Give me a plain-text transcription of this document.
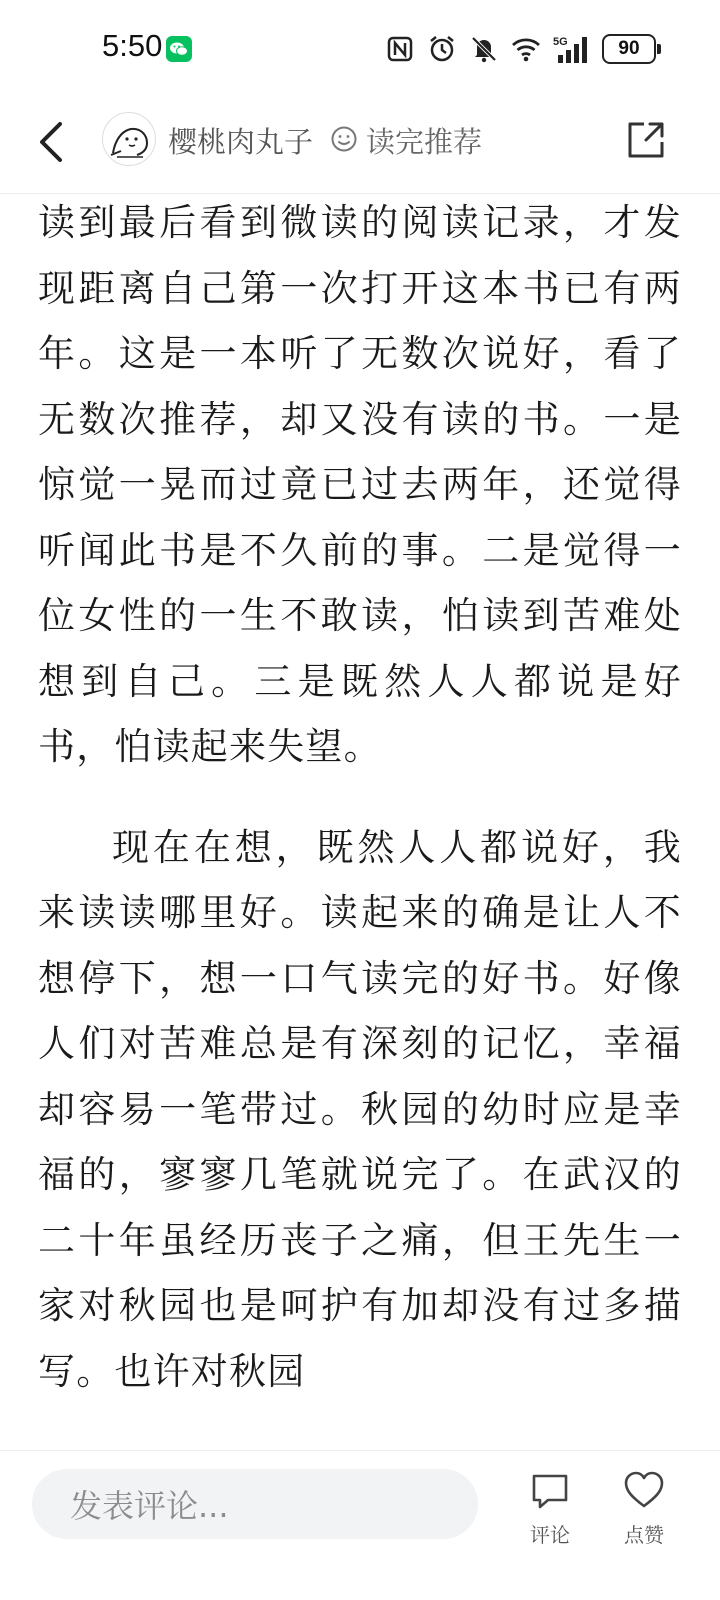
5:50	5G	90
樱桃肉丸子 读完推荐

读到最后看到微读的阅读记录，才发现距离自己第一次打开这本书已有两年。这是一本听了无数次说好，看了无数次推荐，却又没有读的书。一是惊觉一晃而过竟已过去两年，还觉得听闻此书是不久前的事。二是觉得一位女性的一生不敢读，怕读到苦难处想到自己。三是既然人人都说是好书，怕读起来失望。

现在在想，既然人人都说好，我来读读哪里好。读起来的确是让人不想停下，想一口气读完的好书。好像人们对苦难总是有深刻的记忆，幸福却容易一笔带过。秋园的幼时应是幸福的，寥寥几笔就说完了。在武汉的二十年虽经历丧子之痛，但王先生一家对秋园也是呵护有加却没有过多描写。也许对秋园

发表评论...
评论	点赞
